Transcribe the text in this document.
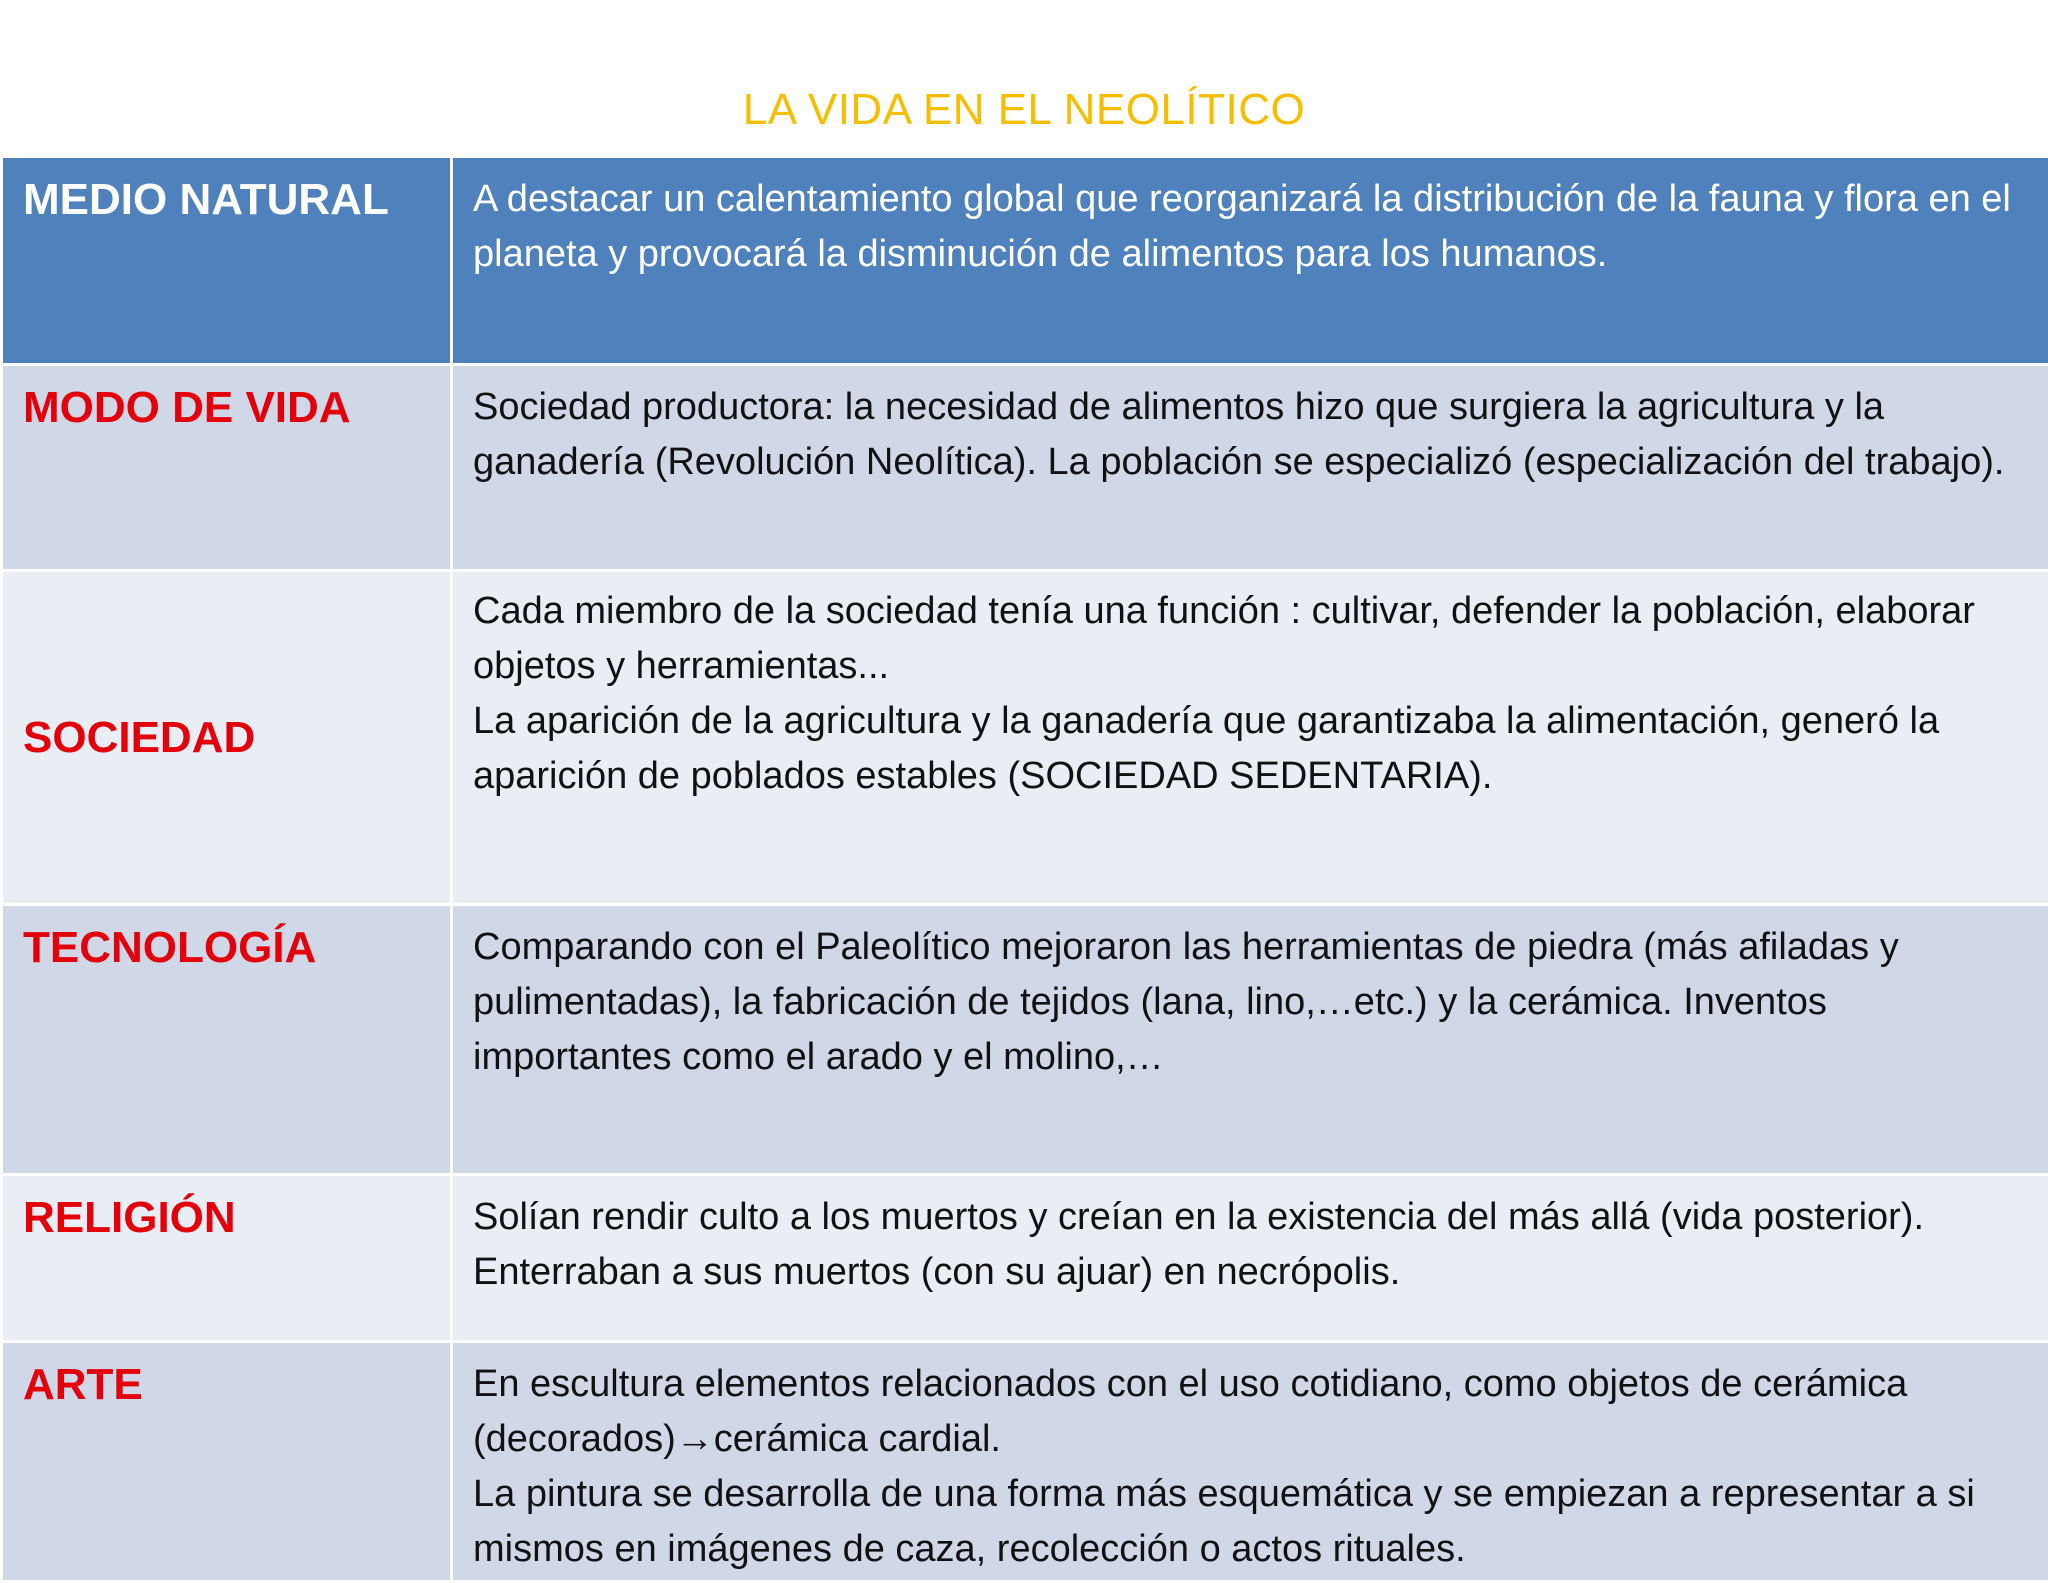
LA VIDA EN EL NEOLÍTICO
MEDIO NATURAL	A destacar un calentamiento global que reorganizará la distribución de la fauna y flora en el planeta y provocará la disminución de alimentos para los humanos.

MODO DE VIDA	Sociedad productora: la necesidad de alimentos hizo que surgiera la agricultura y la ganadería (Revolución Neolítica). La población se especializó (especialización del trabajo).

SOCIEDAD	Cada miembro de la sociedad tenía una función : cultivar, defender la población, elaborar objetos y herramientas...
La aparición de la agricultura y la ganadería que garantizaba la alimentación, generó la aparición de poblados estables (SOCIEDAD SEDENTARIA).

TECNOLOGÍA	Comparando con el Paleolítico mejoraron las herramientas de piedra (más afiladas y pulimentadas), la fabricación de tejidos (lana, lino,…etc.) y la cerámica. Inventos importantes como el arado y el molino,…

RELIGIÓN	Solían rendir culto a los muertos y creían en la existencia del más allá (vida posterior). Enterraban a sus muertos (con su ajuar) en necrópolis.

ARTE	En escultura elementos relacionados con el uso cotidiano, como objetos de cerámica (decorados)→cerámica cardial.
La pintura se desarrolla de una forma más esquemática y se empiezan a representar a si mismos en imágenes de caza, recolección o actos rituales.
